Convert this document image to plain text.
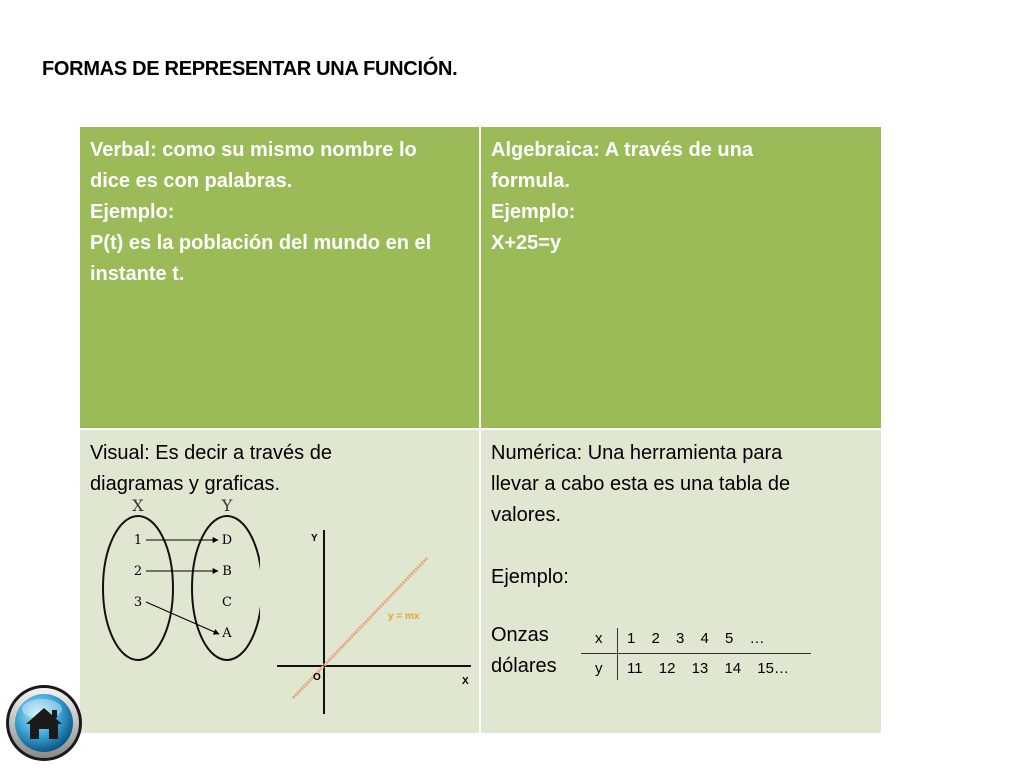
FORMAS DE REPRESENTAR UNA FUNCIÓN.
Verbal: como su mismo nombre lo
dice es con palabras.
Ejemplo:
P(t) es la población del mundo en el
instante t.
Algebraica: A través de una
formula.
Ejemplo:
X+25=y
Visual: Es decir a través de
diagramas y graficas.
X	Y
1
2
3
D
B
C
A
Y
X
O
y = mx
Numérica: Una herramienta para
llevar a cabo esta es una tabla de
valores.
Ejemplo:
Onzas
dólares
x 1 2 3 4 5 …
y 11 12 13 14 15…
